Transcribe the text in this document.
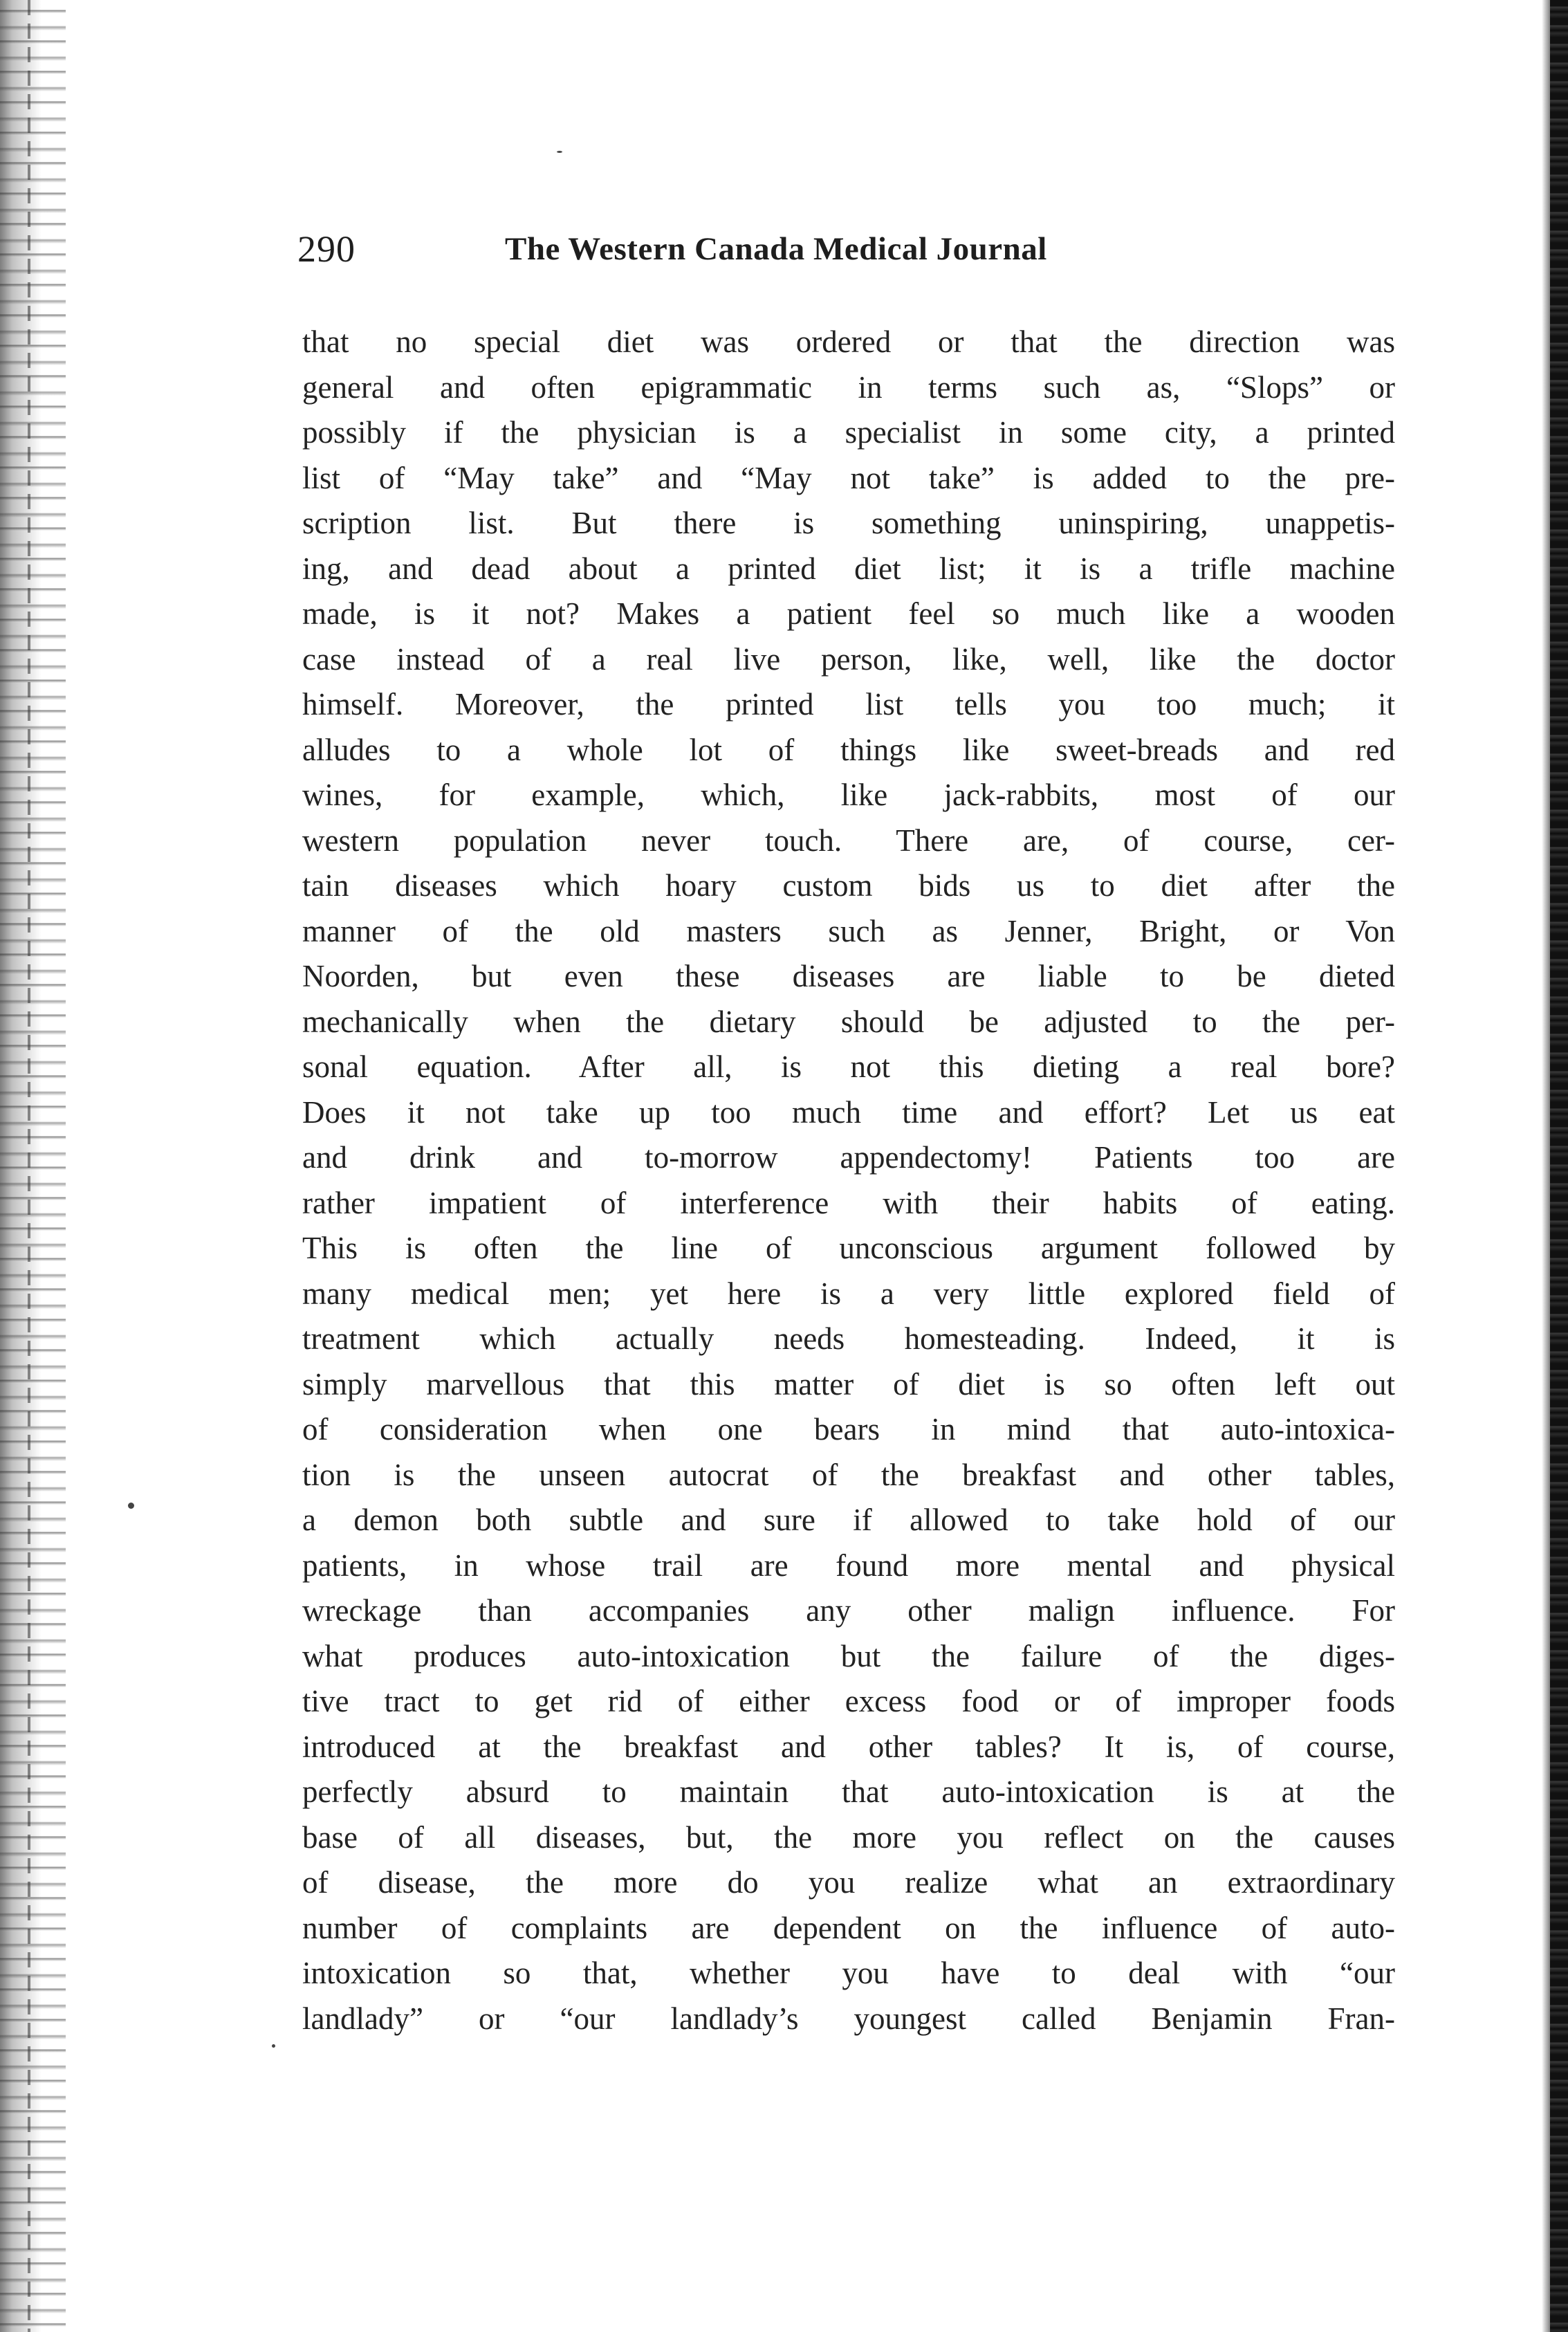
290	The Western Canada Medical Journal
that no special diet was ordered or that the direction was
general and often epigrammatic in terms such as, “Slops” or
possibly if the physician is a specialist in some city, a printed
list of “May take” and “May not take” is added to the pre-
scription list. But there is something uninspiring, unappetis-
ing, and dead about a printed diet list; it is a trifle machine
made, is it not? Makes a patient feel so much like a wooden
case instead of a real live person, like, well, like the doctor
himself. Moreover, the printed list tells you too much; it
alludes to a whole lot of things like sweet-breads and red
wines, for example, which, like jack-rabbits, most of our
western population never touch. There are, of course, cer-
tain diseases which hoary custom bids us to diet after the
manner of the old masters such as Jenner, Bright, or Von
Noorden, but even these diseases are liable to be dieted
mechanically when the dietary should be adjusted to the per-
sonal equation. After all, is not this dieting a real bore?
Does it not take up too much time and effort? Let us eat
and drink and to-morrow appendectomy! Patients too are
rather impatient of interference with their habits of eating.
This is often the line of unconscious argument followed by
many medical men; yet here is a very little explored field of
treatment which actually needs homesteading. Indeed, it is
simply marvellous that this matter of diet is so often left out
of consideration when one bears in mind that auto-intoxica-
tion is the unseen autocrat of the breakfast and other tables,
a demon both subtle and sure if allowed to take hold of our
patients, in whose trail are found more mental and physical
wreckage than accompanies any other malign influence. For
what produces auto-intoxication but the failure of the diges-
tive tract to get rid of either excess food or of improper foods
introduced at the breakfast and other tables? It is, of course,
perfectly absurd to maintain that auto-intoxication is at the
base of all diseases, but, the more you reflect on the causes
of disease, the more do you realize what an extraordinary
number of complaints are dependent on the influence of auto-
intoxication so that, whether you have to deal with “our
landlady” or “our landlady’s youngest called Benjamin Fran-
